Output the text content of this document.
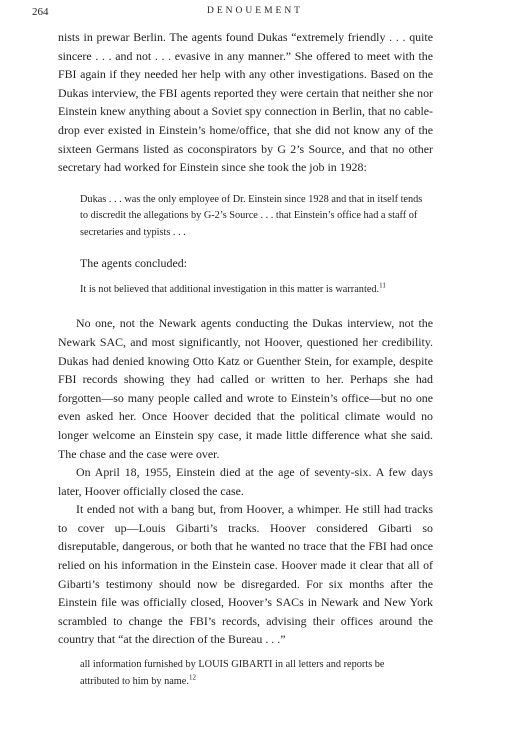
264	DENOUEMENT

nists in prewar Berlin. The agents found Dukas “extremely friendly . . . quite sincere . . . and not . . . evasive in any manner.” She offered to meet with the FBI again if they needed her help with any other investigations. Based on the Dukas interview, the FBI agents reported they were certain that neither she nor Einstein knew anything about a Soviet spy connection in Berlin, that no cable-drop ever existed in Einstein’s home/office, that she did not know any of the sixteen Germans listed as coconspirators by G 2’s Source, and that no other secretary had worked for Einstein since she took the job in 1928:

Dukas . . . was the only employee of Dr. Einstein since 1928 and that in itself tends to discredit the allegations by G-2’s Source . . . that Einstein’s office had a staff of secretaries and typists . . .

The agents concluded:

It is not believed that additional investigation in this matter is warranted.$^{11}$

No one, not the Newark agents conducting the Dukas interview, not the Newark SAC, and most significantly, not Hoover, questioned her credibility. Dukas had denied knowing Otto Katz or Guenther Stein, for example, despite FBI records showing they had called or written to her. Perhaps she had forgotten—so many people called and wrote to Einstein’s office—but no one even asked her. Once Hoover decided that the political climate would no longer welcome an Einstein spy case, it made little difference what she said. The chase and the case were over.

On April 18, 1955, Einstein died at the age of seventy-six. A few days later, Hoover officially closed the case.

It ended not with a bang but, from Hoover, a whimper. He still had tracks to cover up—Louis Gibarti’s tracks. Hoover considered Gibarti so disreputable, dangerous, or both that he wanted no trace that the FBI had once relied on his information in the Einstein case. Hoover made it clear that all of Gibarti’s testimony should now be disregarded. For six months after the Einstein file was officially closed, Hoover’s SACs in Newark and New York scrambled to change the FBI’s records, advising their offices around the country that “at the direction of the Bureau . . .”

all information furnished by LOUIS GIBARTI in all letters and reports be attributed to him by name.$^{12}$
